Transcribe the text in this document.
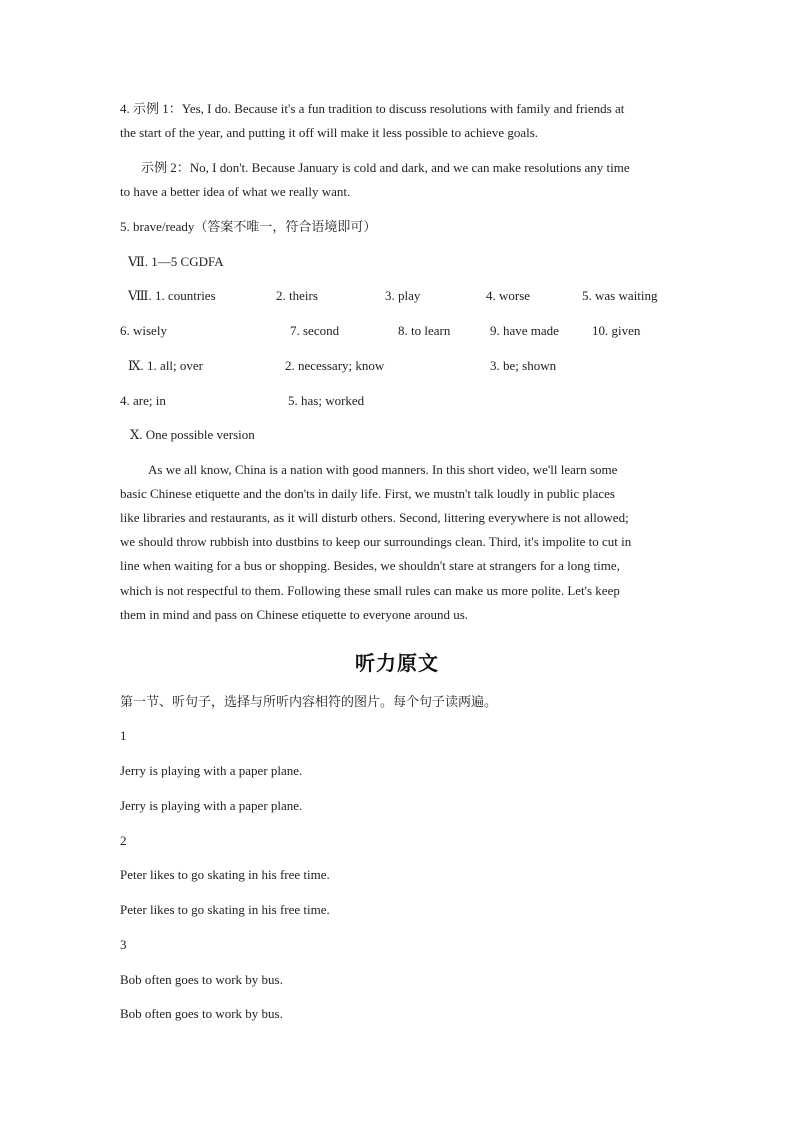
4. 示例 1：Yes, I do. Because it's a fun tradition to discuss resolutions with family and friends at
the start of the year, and putting it off will make it less possible to achieve goals.
示例 2：No, I don't. Because January is cold and dark, and we can make resolutions any time
to have a better idea of what we really want.
5. brave/ready（答案不唯一，符合语境即可）
Ⅶ. 1—5 CGDFA
Ⅷ. 1. countries	2. theirs	3. play	4. worse	5. was waiting
6. wisely	7. second	8. to learn	9. have made	10. given
Ⅸ. 1. all; over	2. necessary; know	3. be; shown
4. are; in	5. has; worked
Ⅹ. One possible version
As we all know, China is a nation with good manners. In this short video, we'll learn some
basic Chinese etiquette and the don'ts in daily life. First, we mustn't talk loudly in public places
like libraries and restaurants, as it will disturb others. Second, littering everywhere is not allowed;
we should throw rubbish into dustbins to keep our surroundings clean. Third, it's impolite to cut in
line when waiting for a bus or shopping. Besides, we shouldn't stare at strangers for a long time,
which is not respectful to them. Following these small rules can make us more polite. Let's keep
them in mind and pass on Chinese etiquette to everyone around us.
听力原文
第一节、听句子，选择与所听内容相符的图片。每个句子读两遍。
1
Jerry is playing with a paper plane.
Jerry is playing with a paper plane.
2
Peter likes to go skating in his free time.
Peter likes to go skating in his free time.
3
Bob often goes to work by bus.
Bob often goes to work by bus.
